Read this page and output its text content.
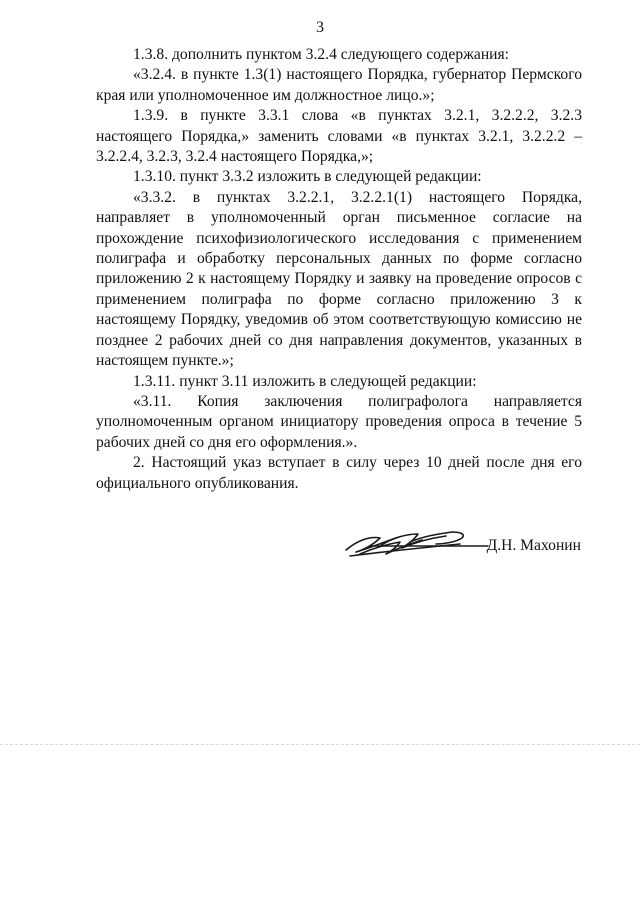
3

1.3.8. дополнить пунктом 3.2.4 следующего содержания:

«3.2.4. в пункте 1.3(1) настоящего Порядка, губернатор Пермского края или уполномоченное им должностное лицо.»;

1.3.9. в пункте 3.3.1 слова «в пунктах 3.2.1, 3.2.2.2, 3.2.3 настоящего Порядка,» заменить словами «в пунктах 3.2.1, 3.2.2.2 – 3.2.2.4, 3.2.3, 3.2.4 настоящего Порядка,»;

1.3.10. пункт 3.3.2 изложить в следующей редакции:

«3.3.2. в пунктах 3.2.2.1, 3.2.2.1(1) настоящего Порядка, направляет в уполномоченный орган письменное согласие на прохождение психофизиологического исследования с применением полиграфа и обработку персональных данных по форме согласно приложению 2 к настоящему Порядку и заявку на проведение опросов с применением полиграфа по форме согласно приложению 3 к настоящему Порядку, уведомив об этом соответствующую комиссию не позднее 2 рабочих дней со дня направления документов, указанных в настоящем пункте.»;

1.3.11. пункт 3.11 изложить в следующей редакции:

«3.11. Копия заключения полиграфолога направляется уполномоченным органом инициатору проведения опроса в течение 5 рабочих дней со дня его оформления.».

2. Настоящий указ вступает в силу через 10 дней после дня его официального опубликования.

Д.Н. Махонин
